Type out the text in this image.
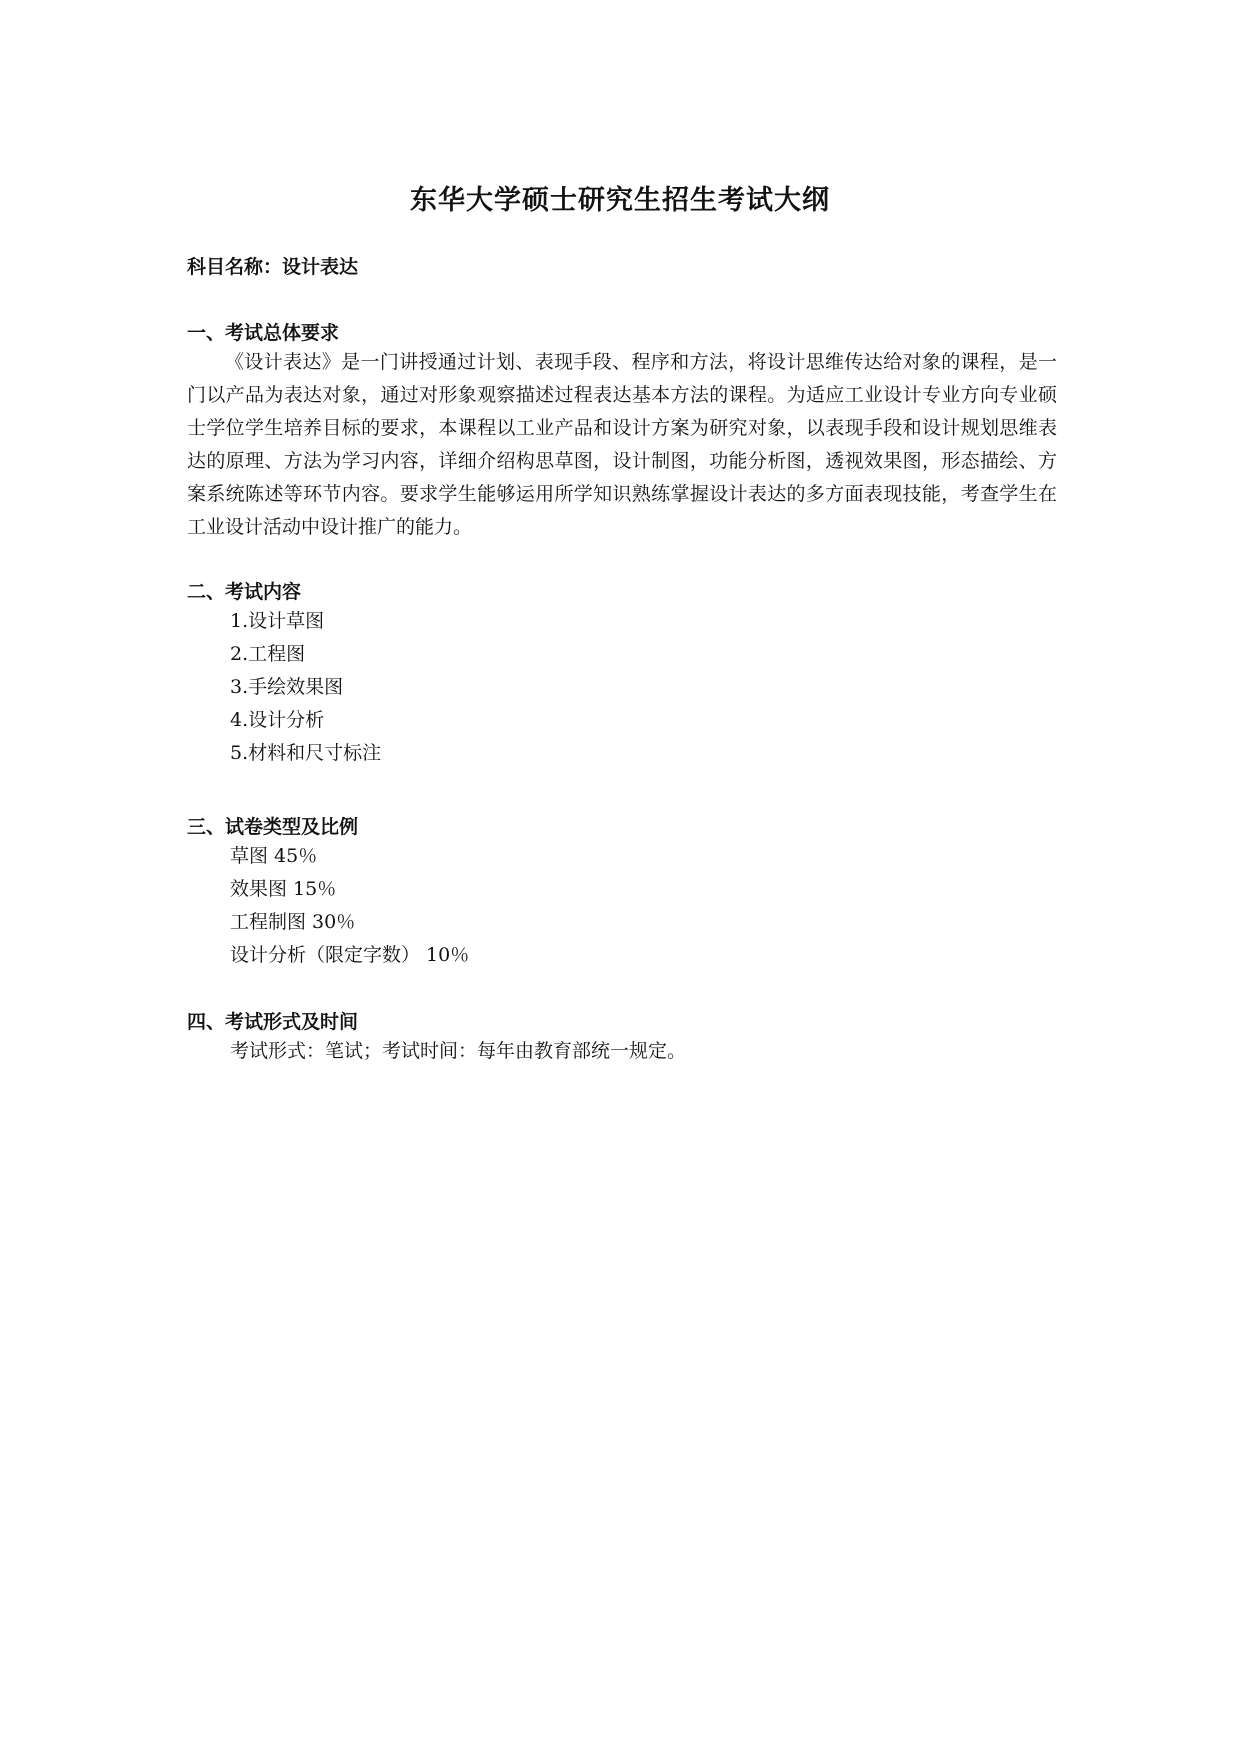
东华大学硕士研究生招生考试大纲
科目名称：设计表达
一、考试总体要求

《设计表达》是一门讲授通过计划、表现手段、程序和方法，将设计思维传达给对象的课程，是一门以产品为表达对象，通过对形象观察描述过程表达基本方法的课程。为适应工业设计专业方向专业硕士学位学生培养目标的要求，本课程以工业产品和设计方案为研究对象，以表现手段和设计规划思维表达的原理、方法为学习内容，详细介绍构思草图，设计制图，功能分析图，透视效果图，形态描绘、方案系统陈述等环节内容。要求学生能够运用所学知识熟练掌握设计表达的多方面表现技能，考查学生在工业设计活动中设计推广的能力。

二、考试内容
1.设计草图
2.工程图
3.手绘效果图
4.设计分析
5.材料和尺寸标注
三、试卷类型及比例
草图 45％
效果图 15％
工程制图 30％
设计分析（限定字数） 10％
四、考试形式及时间
考试形式：笔试；考试时间：每年由教育部统一规定。
